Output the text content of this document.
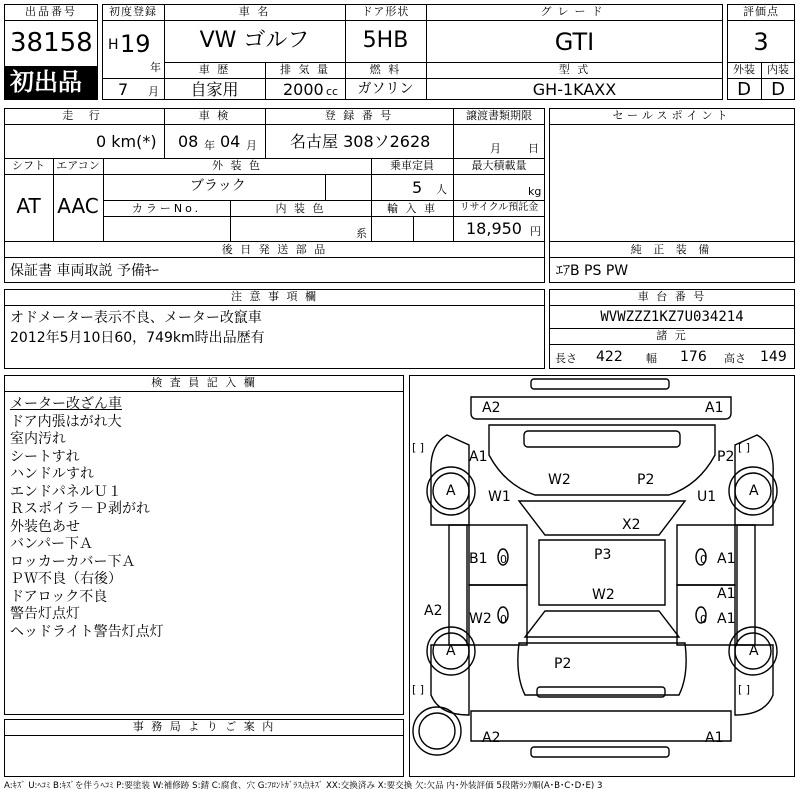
出品番号
38158
初出品
初度登録
H 19
年
7 月
車 名
VW ゴルフ
ドア形状
5HB
グレード
GTI
車 歴
自家用
排 気 量
2000 cc
燃 料
ガソリン
型 式
GH-1KAXX
評価点
3
外装	内装
D	D
走 行
0 km(*)
車 検
08 年 04 月
登 録 番 号
名古屋 308ソ2628
譲渡書類期限
月 日
シフト
AT
エアコン
AAC
外 装 色
ブラック
乗車定員
5 人
最大積載量
kg
カラーNo.	内 装 色
系
輸 入 車	リサイクル預託金
18,950 円
後 日 発 送 部 品
保証書 車両取説 予備ｷｰ
セールスポイント
純 正 装 備
ｴｱB PS PW
注 意 事 項 欄
オドメーター表示不良、メーター改竄車
2012年5月10日60，749km時出品歴有
車 台 番 号
WVWZZZ1KZ7U034214
諸 元
長さ 422 幅 176 高さ 149
検 査 員 記 入 欄
メーター改ざん車
ドア内張はがれ大
室内汚れ
シートすれ
ハンドルすれ
エンドパネルＵ１
Ｒスポイラ－Ｐ剥がれ
外装色あせ
バンパー下Ａ
ロッカーカバー下Ａ
ＰＷ不良（右後）
ドアロック不良
警告灯点灯
ヘッドライト警告灯点灯
事 務 局 よ り ご 案 内
A2	A1
[ ]	[ ]
A1	P2
W2	P2
A	A
W1	U1
X2
B1 0	P3	0 A1
W2	A1
A2 W2 0	0 A1
A	A
P2
[ ]	[ ]
A2	A1
A:ｷｽﾞ U:ﾍｺﾐ B:ｷｽﾞを伴うﾍｺﾐ P:要塗装 W:補修跡 S:錆 C:腐食、穴 G:ﾌﾛﾝﾄｶﾞﾗｽ点ｷｽﾞ XX:交換済み X:要交換 欠:欠品 内･外装評価 5段階ﾗﾝｸ順(A･B･C･D･E) 3
